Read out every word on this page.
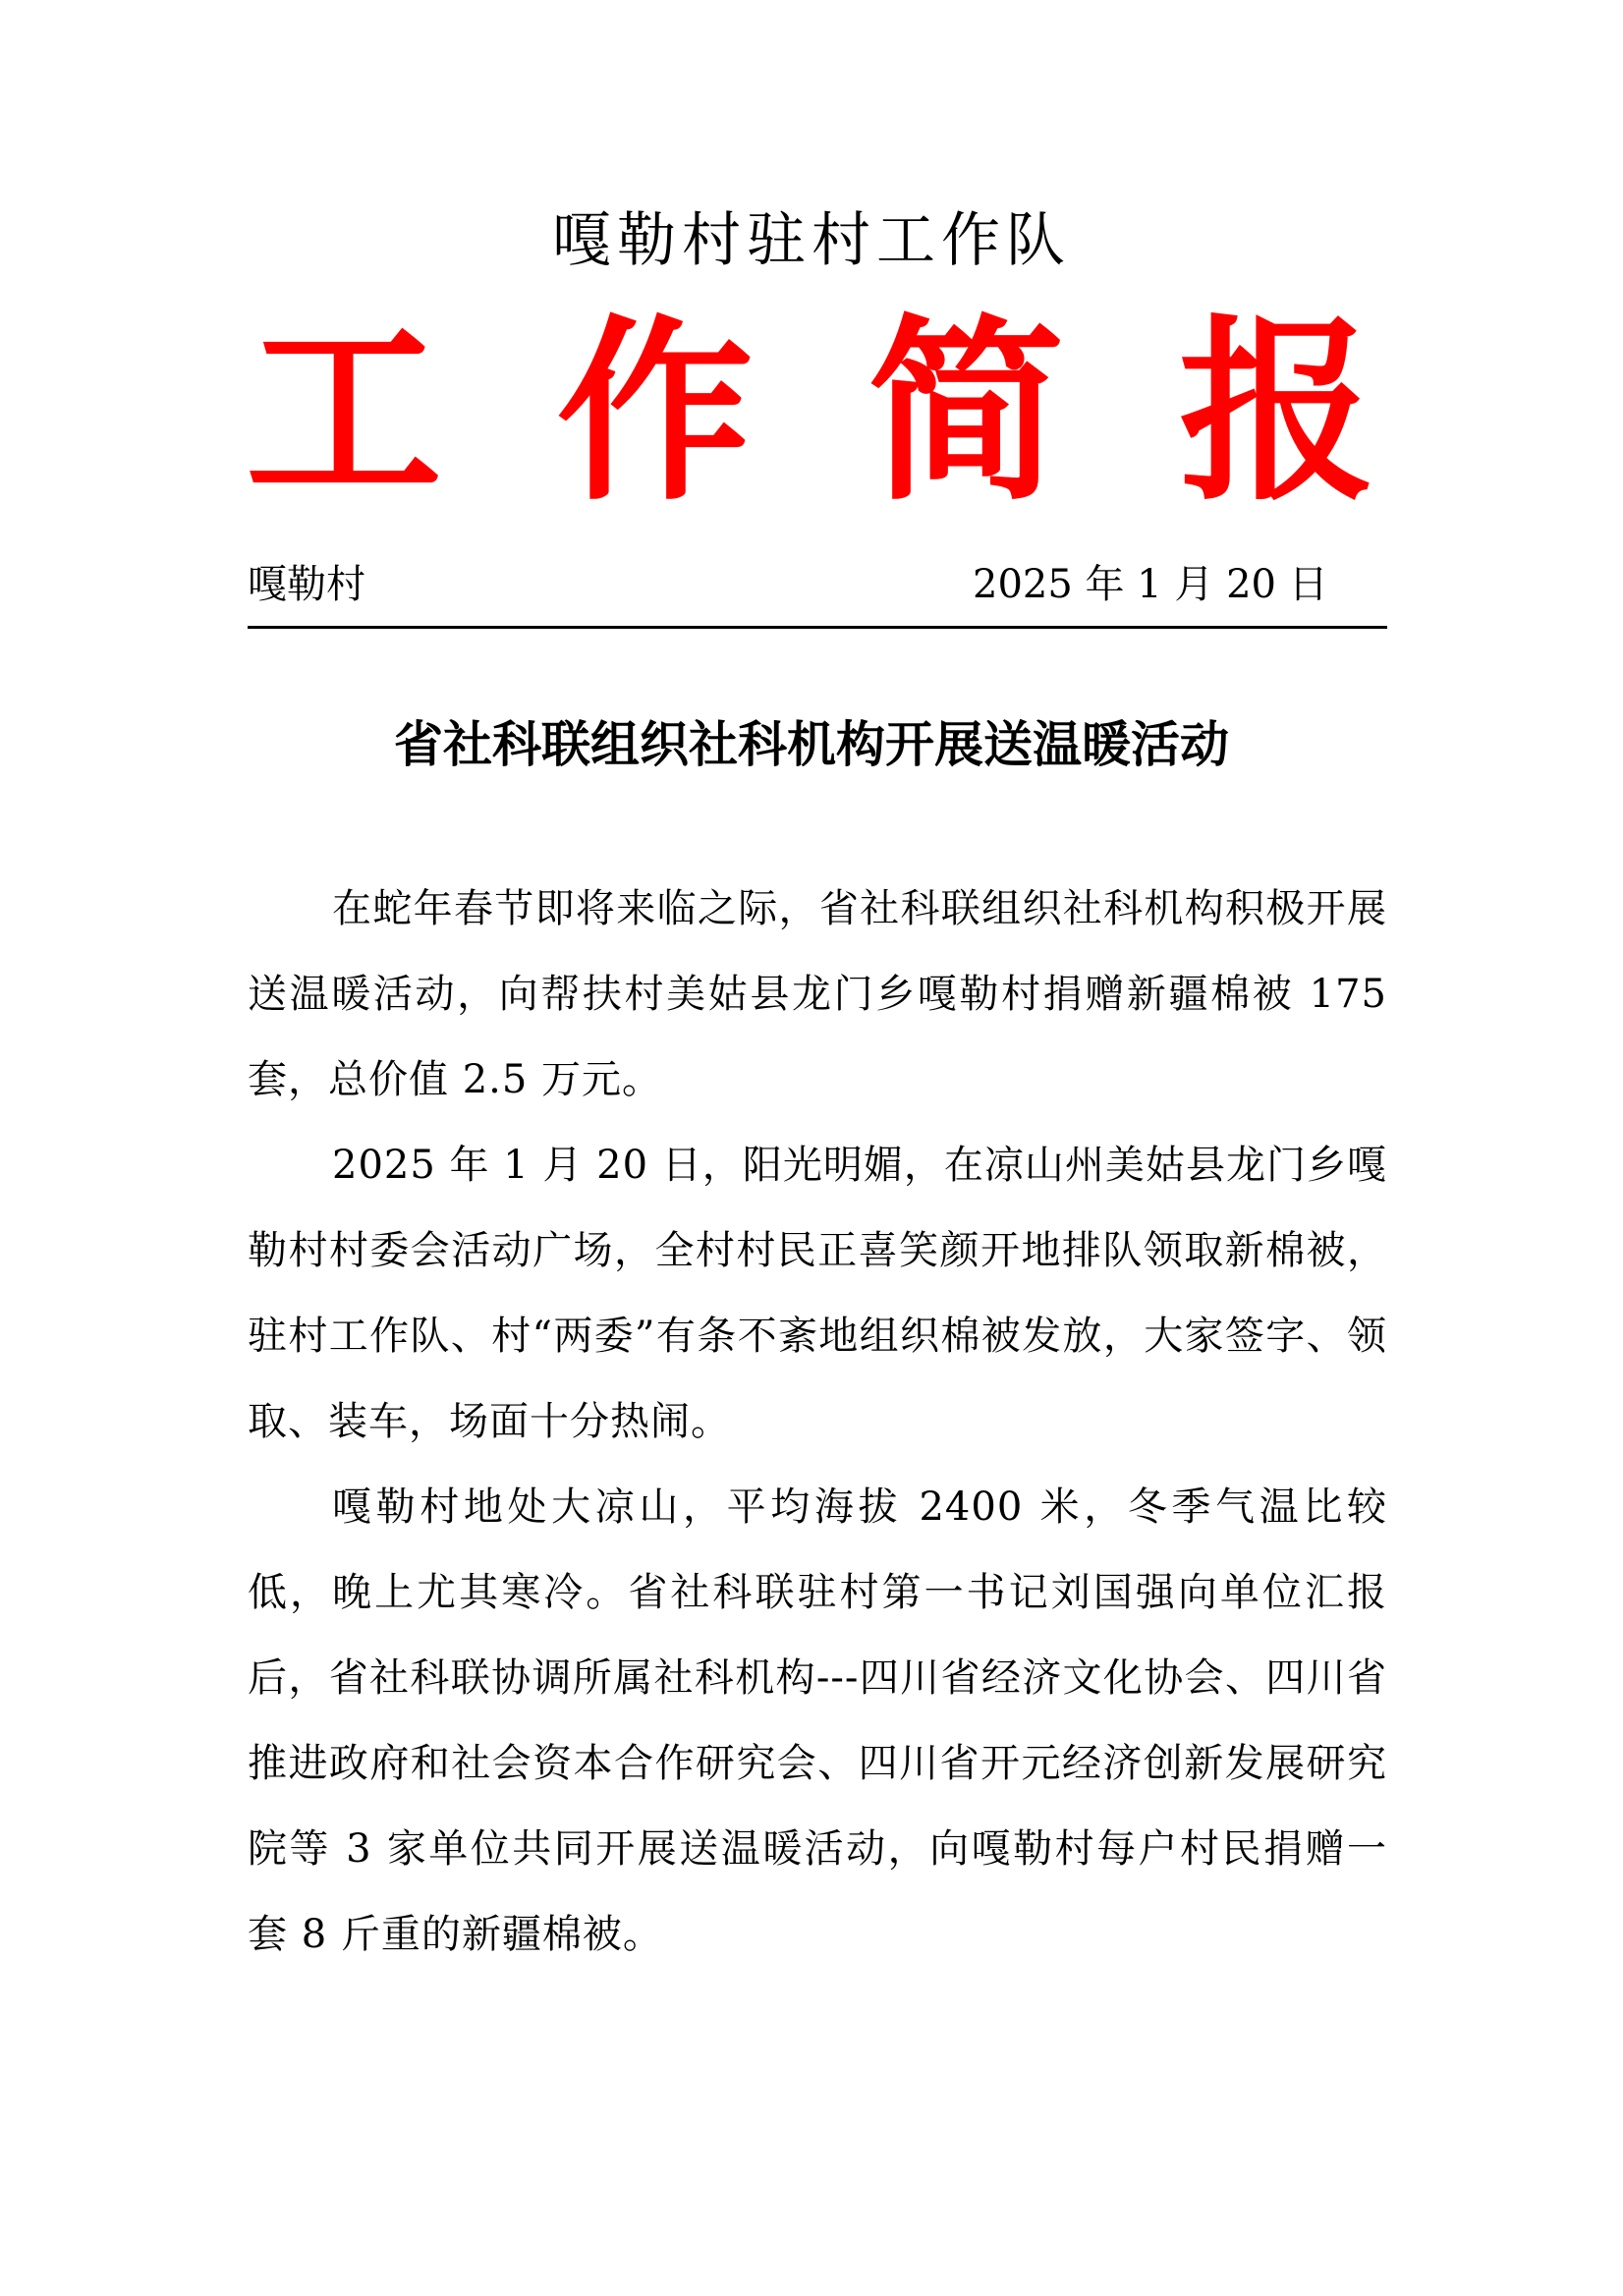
嘎勒村驻村工作队
工 作 简 报
嘎勒村	2025 年 1 月 20 日
省社科联组织社科机构开展送温暖活动

在蛇年春节即将来临之际，省社科联组织社科机构积极开展送温暖活动，向帮扶村美姑县龙门乡嘎勒村捐赠新疆棉被 175 套，总价值 2.5 万元。

2025 年 1 月 20 日，阳光明媚，在凉山州美姑县龙门乡嘎勒村村委会活动广场，全村村民正喜笑颜开地排队领取新棉被，驻村工作队、村“两委”有条不紊地组织棉被发放，大家签字、领取、装车，场面十分热闹。

嘎勒村地处大凉山，平均海拔 2400 米，冬季气温比较低，晚上尤其寒冷。省社科联驻村第一书记刘国强向单位汇报后，省社科联协调所属社科机构---四川省经济文化协会、四川省推进政府和社会资本合作研究会、四川省开元经济创新发展研究院等 3 家单位共同开展送温暖活动，向嘎勒村每户村民捐赠一套 8 斤重的新疆棉被。
